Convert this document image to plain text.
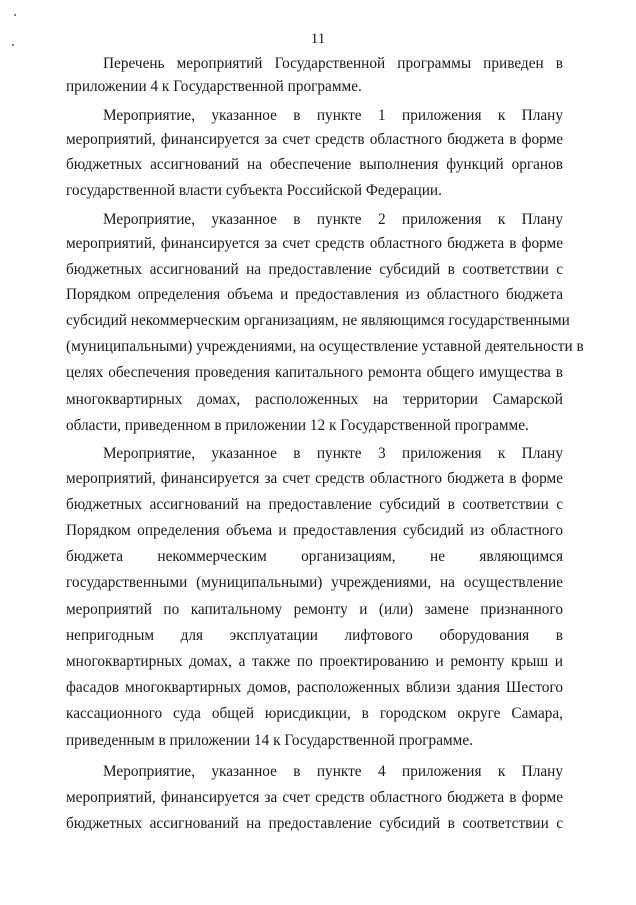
11
Перечень мероприятий Государственной программы приведен в
приложении 4 к Государственной программе.
Мероприятие, указанное в пункте 1 приложения к Плану
мероприятий, финансируется за счет средств областного бюджета в форме
бюджетных ассигнований на обеспечение выполнения функций органов
государственной власти субъекта Российской Федерации.
Мероприятие, указанное в пункте 2 приложения к Плану
мероприятий, финансируется за счет средств областного бюджета в форме
бюджетных ассигнований на предоставление субсидий в соответствии с
Порядком определения объема и предоставления из областного бюджета
субсидий некоммерческим организациям, не являющимся государственными
(муниципальными) учреждениями, на осуществление уставной деятельности в
целях обеспечения проведения капитального ремонта общего имущества в
многоквартирных домах, расположенных на территории Самарской
области, приведенном в приложении 12 к Государственной программе.
Мероприятие, указанное в пункте 3 приложения к Плану
мероприятий, финансируется за счет средств областного бюджета в форме
бюджетных ассигнований на предоставление субсидий в соответствии с
Порядком определения объема и предоставления субсидий из областного
бюджета некоммерческим организациям, не являющимся
государственными (муниципальными) учреждениями, на осуществление
мероприятий по капитальному ремонту и (или) замене признанного
непригодным для эксплуатации лифтового оборудования в
многоквартирных домах, а также по проектированию и ремонту крыш и
фасадов многоквартирных домов, расположенных вблизи здания Шестого
кассационного суда общей юрисдикции, в городском округе Самара,
приведенным в приложении 14 к Государственной программе.
Мероприятие, указанное в пункте 4 приложения к Плану
мероприятий, финансируется за счет средств областного бюджета в форме
бюджетных ассигнований на предоставление субсидий в соответствии с
